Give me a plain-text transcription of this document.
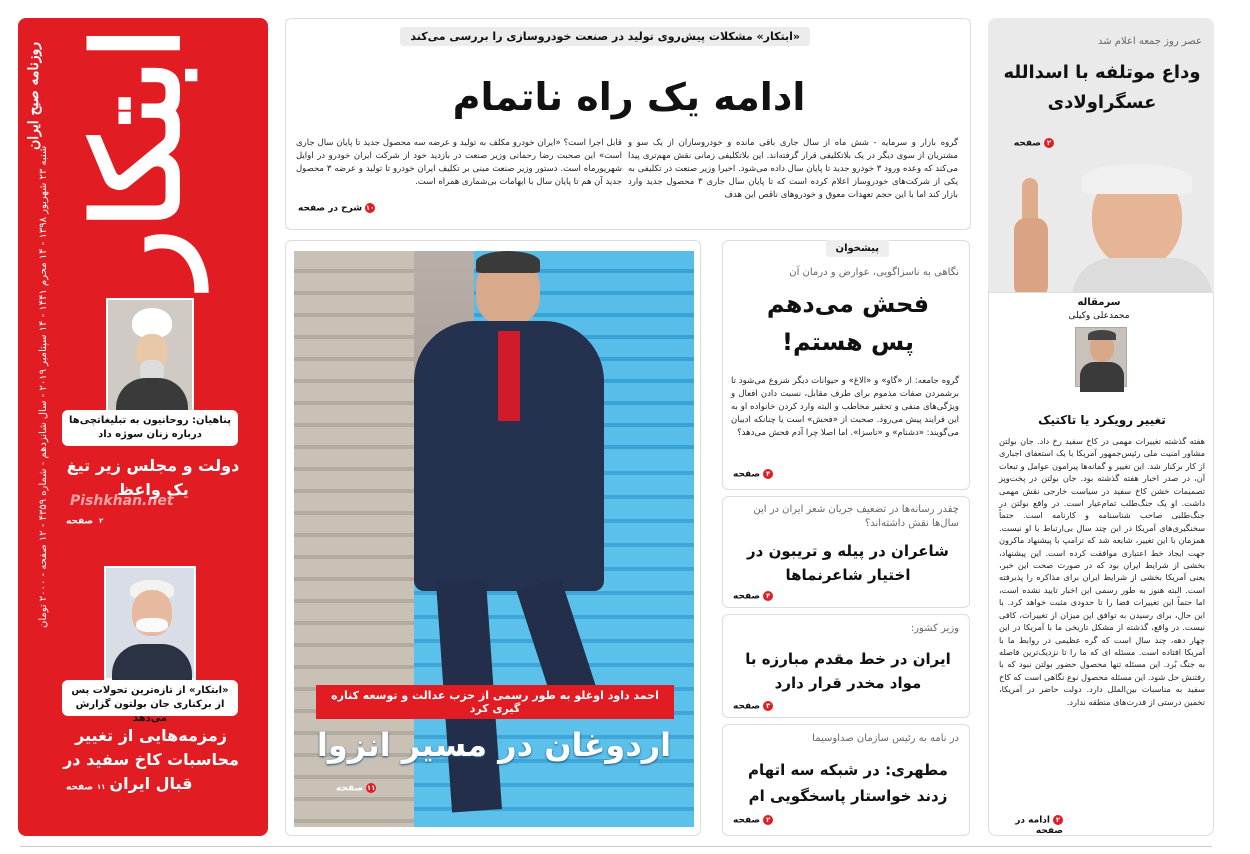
ابتکار
روزنامه صبح ایران
شنبه ۲۳ شهریور ۱۳۹۸ - ۱۴ محرم ۱۴۴۱ - ۱۴ سپتامبر ۲۰۱۹ - سال شانزدهم - شماره ۴۳۵۹ - ۱۲ صفحه - ۲۰۰۰ تومان
پناهیان: روحانیون به تبلیغاتچی‌ها درباره زنان سوژه داد
دولت و مجلس زیر تیغ یک واعظ
Pishkhan.net
۲صفحه
«ابتکار» از تازه‌ترین تحولات پس از برکناری جان بولتون گزارش می‌دهد
زمزمه‌هایی از تغییر محاسبات کاخ سفید در قبال ایران
۱۱صفحه
«ابتکار» مشکلات پیش‌روی تولید در صنعت خودروسازی را بررسی می‌کند
ادامه یک راه ناتمام
گروه بازار و سرمایه - شش ماه از سال جاری باقی مانده و خودروسازان از یک سو و مشتریان از سوی دیگر در یک بلاتکلیفی قرار گرفته‌اند. این بلاتکلیفی زمانی نقش مهم‌تری پیدا می‌کند که وعده ورود ۳ خودرو جدید تا پایان سال داده می‌شود. اخیرا وزیر صنعت در تکلیفی به یکی از شرکت‌های خودروساز اعلام کرده است که تا پایان سال جاری ۳ محصول جدید وارد بازار کند اما با این حجم تعهدات معوق و خودروهای ناقص این هدف
قابل اجرا است؟ «ایران خودرو مکلف به تولید و عرضه سه محصول جدید تا پایان سال جاری است» این صحبت رضا رحمانی وزیر صنعت در بازدید خود از شرکت ایران خودرو در اوایل شهریورماه است. دستور وزیر صنعت مبنی بر تکلیف ایران خودرو تا تولید و عرضه ۳ محصول جدید آن هم تا پایان سال با ابهامات بی‌شماری همراه است.
۱۰شرح در صفحه
احمد داود اوغلو به طور رسمی از حزب عدالت و توسعه کناره گیری کرد
اردوغان در مسیر انزوا
۱۱صفحه
پیشخوان
نگاهی به ناسزاگویی، عوارض و درمان آن
فحش می‌دهم پس هستم!
گروه جامعه: از «گاو» و «الاغ» و حیوانات دیگر شروع می‌شود تا برشمردن صفات مذموم برای طرف مقابل، نسبت دادن افعال و ویژگی‌های منفی و تحقیر مخاطب و البته وارد کردن خانواده او به این فرایند پیش می‌رود. صحبت از «فحش» است یا چنانکه ادیبان می‌گویند: «دشنام» و «ناسزا». اما اصلا چرا آدم فحش می‌دهد؟
۴صفحه
چقدر رسانه‌ها در تضعیف جریان شعر ایران در این سال‌ها نقش داشته‌اند؟
شاعران در پیله و تریبون در اختیار شاعرنماها
۴صفحه
وزیر کشور:
ایران در خط مقدم مبارزه با مواد مخدر قرار دارد
۳صفحه
در نامه به رئیس سازمان صداوسیما
مطهری: در شبکه سه اتهام زدند خواستار پاسخگویی ام
۲صفحه
عصر روز جمعه اعلام شد
وداع موتلفه با اسدالله عسگراولادی
۲صفحه
سرمقاله
محمدعلی وکیلی
تغییر رویکرد یا تاکتیک
هفته گذشته تغییرات مهمی در کاخ سفید رخ داد. جان بولتن مشاور امنیت ملی رئیس‌جمهور آمریکا با یک استعفای اجباری از کار برکنار شد. این تغییر و گمانه‌ها پیرامون عوامل و تبعات آن، در صدر اخبار هفته گذشته بود. جان بولتن در پخت‌وپز تصمیمات خشن کاخ سفید در سیاست خارجی نقش مهمی داشت. او یک جنگ‌طلب تمام‌عیار است. در واقع بولتن در جنگ‌طلبی صاحب شناسنامه و کارنامه است. حتماً سخنگیری‌های آمریکا در این چند سال بی‌ارتباط با او نیست. همزمان با این تغییر، شایعه شد که ترامپ با پیشنهاد ماکرون جهت ایجاد خط اعتباری موافقت کرده است. این پیشنهاد، بخشی از شرایط ایران بود که در صورت صحت این خبر، یعنی آمریکا بخشی از شرایط ایران برای مذاکره را پذیرفته است. البته هنوز به طور رسمی این اخبار تایید نشده است، اما حتماً این تغییرات فضا را تا حدودی مثبت خواهد کرد. با این حال، برای رسیدن به توافق این میزان از تغییرات، کافی نیست. در واقع، گذشته از مشکل تاریخی ما با آمریکا در این چهار دهه، چند سال است که گره عظیمی در روابط ما با آمریکا افتاده است. مسئله ای که ما را تا نزدیک‌ترین فاصله به جنگ بُرد. این مسئله تنها محصول حضور بولتن نبود که با رفتنش حل شود. این مسئله محصول نوع نگاهی است که کاخ سفید به مناسبات بین‌الملل دارد. دولت حاضر در آمریکا، تخمین درستی از قدرت‌های منطقه ندارد.
۲ادامه در صفحه
